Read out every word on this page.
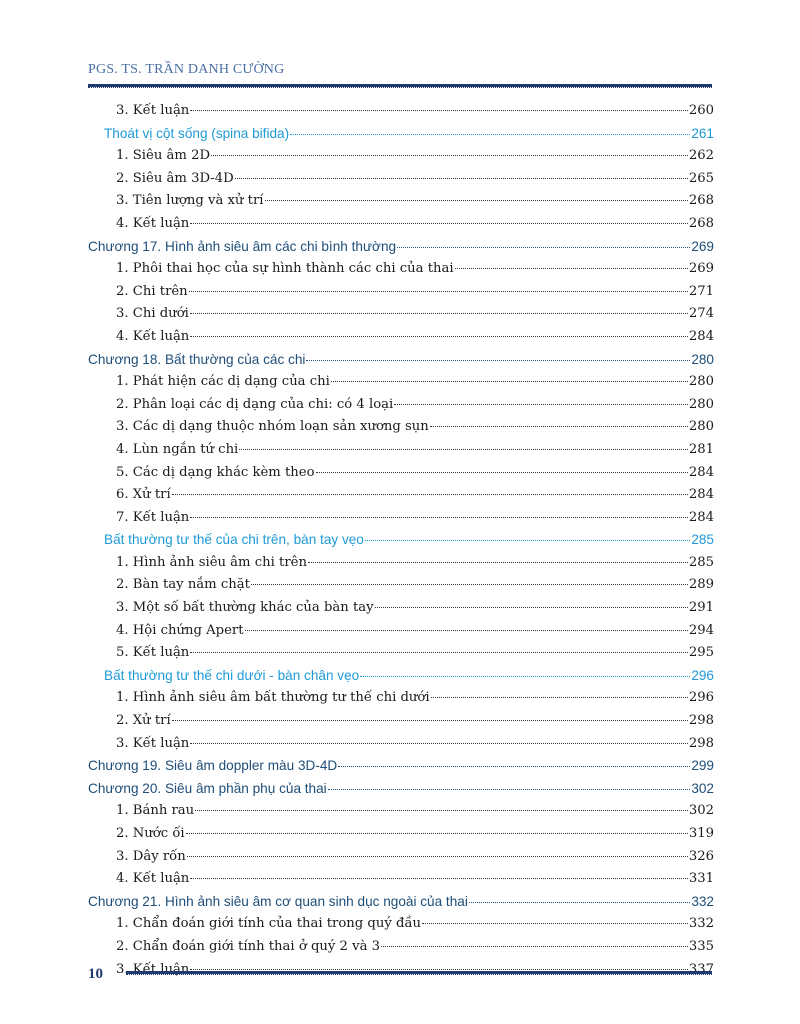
PGS. TS. TRẦN DANH CƯỜNG
3. Kết luận	260
Thoát vị cột sống (spina bifida)	261
1. Siêu âm 2D	262
2. Siêu âm 3D-4D	265
3. Tiên lượng và xử trí	268
4. Kết luận	268
Chương 17. Hình ảnh siêu âm các chi bình thường	269
1. Phôi thai học của sự hình thành các chi của thai	269
2. Chi trên	271
3. Chi dưới	274
4. Kết luận	284
Chương 18. Bất thường của các chi	280
1. Phát hiện các dị dạng của chi	280
2. Phân loại các dị dạng của chi: có 4 loại	280
3. Các dị dạng thuộc nhóm loạn sản xương sụn	280
4. Lùn ngắn tứ chi	281
5. Các dị dạng khác kèm theo	284
6. Xử trí	284
7. Kết luận	284
Bất thường tư thế của chi trên, bàn tay vẹo	285
1. Hình ảnh siêu âm chi trên	285
2. Bàn tay nắm chặt	289
3. Một số bất thường khác của bàn tay	291
4. Hội chứng Apert	294
5. Kết luận	295
Bất thường tư thế chi dưới - bàn chân vẹo	296
1. Hình ảnh siêu âm bất thường tư thế chi dưới	296
2. Xử trí	298
3. Kết luận	298
Chương 19. Siêu âm doppler màu 3D-4D	299
Chương 20. Siêu âm phần phụ của thai	302
1. Bánh rau	302
2. Nước ối	319
3. Dây rốn	326
4. Kết luận	331
Chương 21. Hình ảnh siêu âm cơ quan sinh dục ngoài của thai	332
1. Chẩn đoán giới tính của thai trong quý đầu	332
2. Chẩn đoán giới tính thai ở quý 2 và 3	335
3. Kết luận	337
10
